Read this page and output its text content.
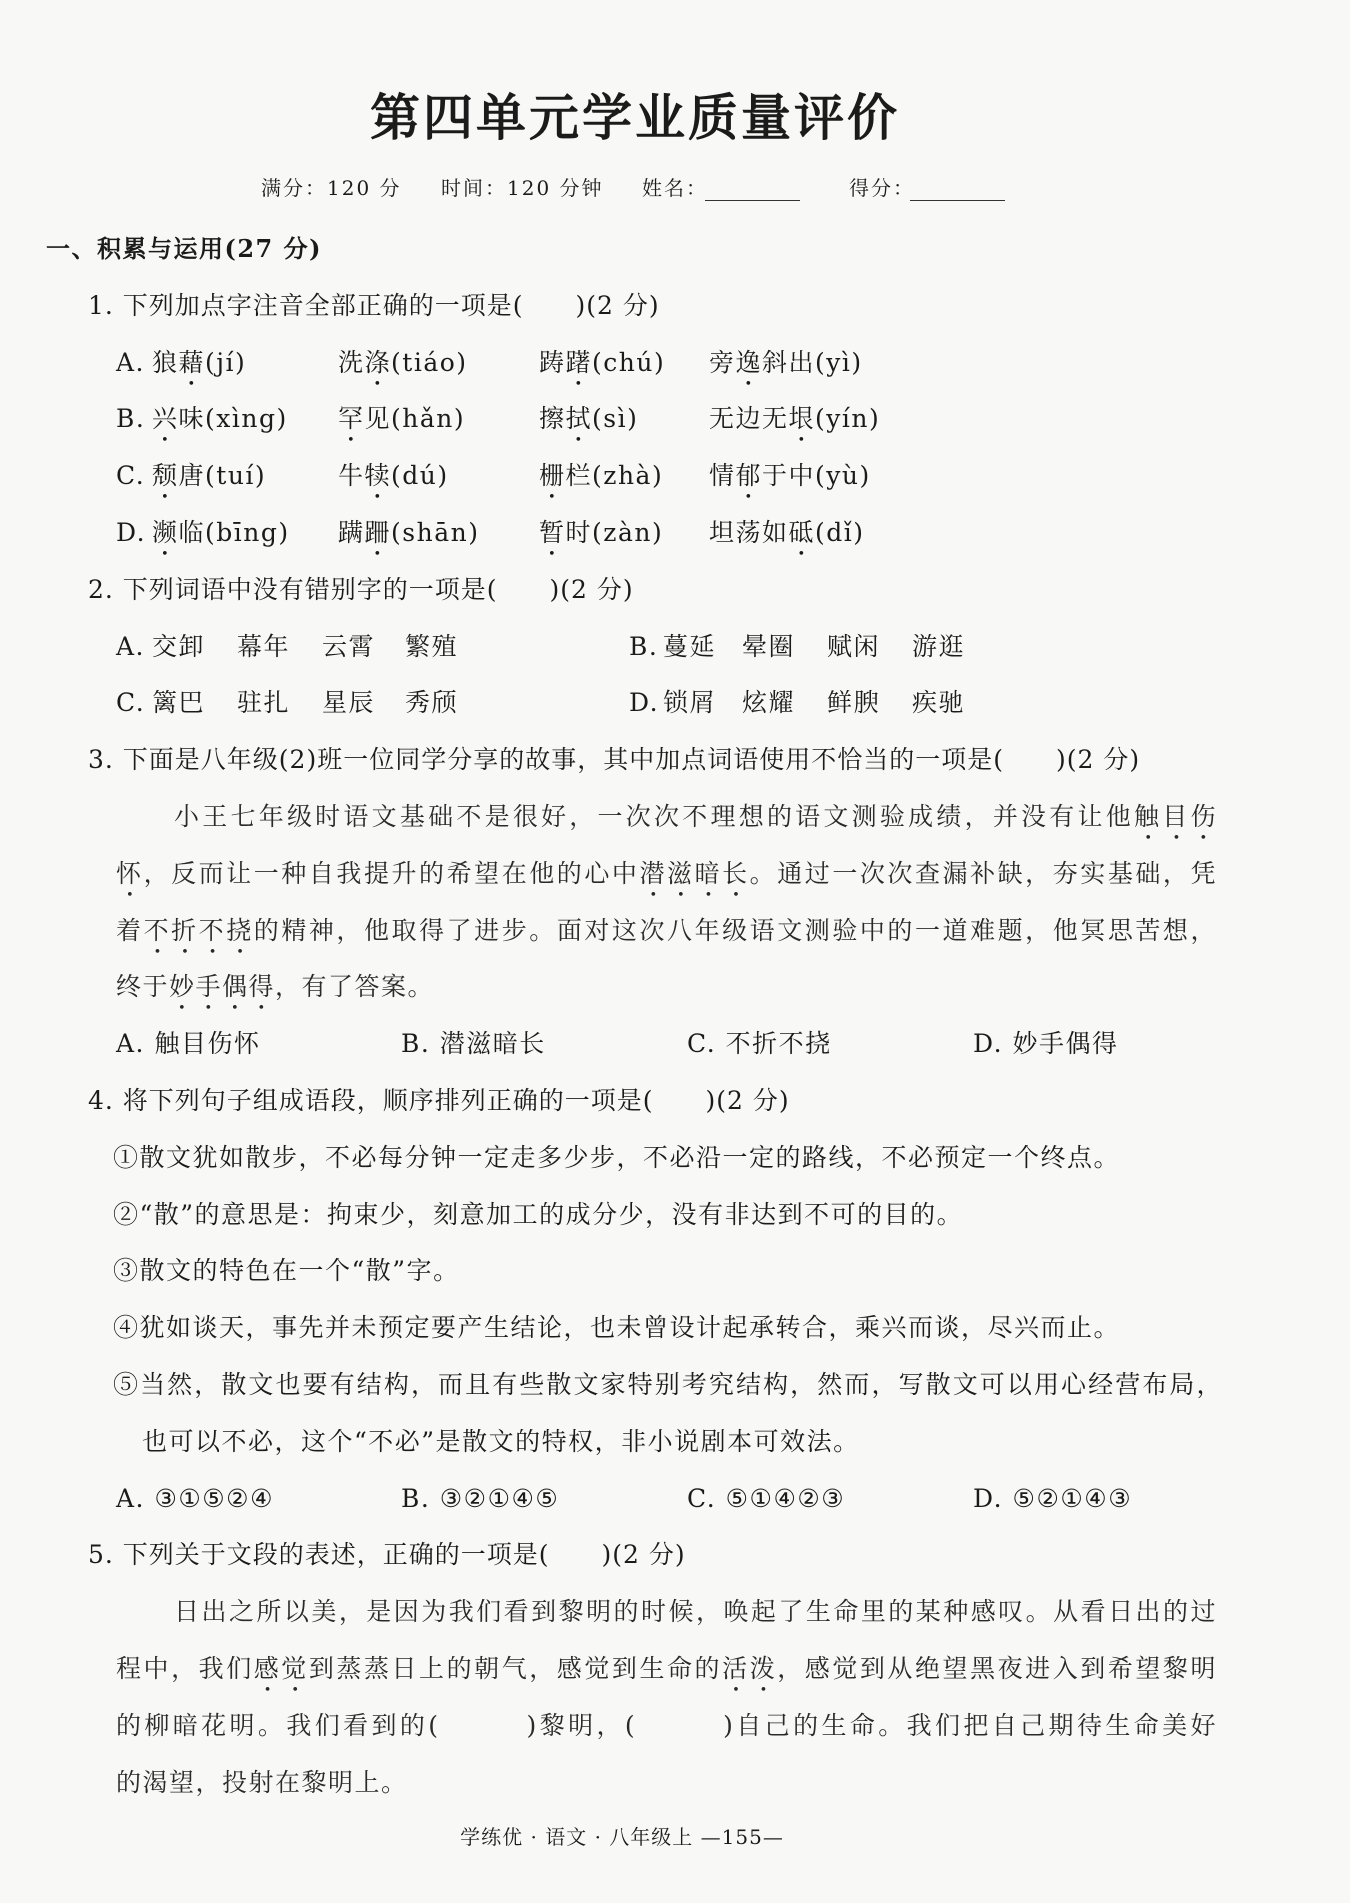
第四单元学业质量评价
满分：120 分 时间：120 分钟 姓名：	得分：
一、积累与运用(27 分)
1. 下列加点字注音全部正确的一项是(　　)(2 分)
A. 狼藉(jí)	洗涤(tiáo)	踌躇(chú) 旁逸斜出(yì)
B. 兴味(xìng) 罕见(hǎn)	擦拭(sì)	无边无垠(yín)
C. 颓唐(tuí)	牛犊(dú)	栅栏(zhà) 情郁于中(yù)
D. 濒临(bīng) 蹒跚(shān) 暂时(zàn) 坦荡如砥(dǐ)
2. 下列词语中没有错别字的一项是(　　)(2 分)
A. 交卸 幕年 云霄 繁殖	B. 蔓延 晕圈 赋闲 游逛
C. 篱巴 驻扎 星辰 秀颀	D. 锁屑 炫耀 鲜腴 疾驰
3. 下面是八年级(2)班一位同学分享的故事，其中加点词语使用不恰当的一项是(　　)(2 分)
小王七年级时语文基础不是很好，一次次不理想的语文测验成绩，并没有让他触目伤
怀，反而让一种自我提升的希望在他的心中潜滋暗长。通过一次次查漏补缺，夯实基础，凭
着不折不挠的精神，他取得了进步。面对这次八年级语文测验中的一道难题，他冥思苦想，
终于妙手偶得，有了答案。
A. 触目伤怀	B. 潜滋暗长	C. 不折不挠	D. 妙手偶得
4. 将下列句子组成语段，顺序排列正确的一项是(　　)(2 分)
①散文犹如散步，不必每分钟一定走多少步，不必沿一定的路线，不必预定一个终点。
②“散”的意思是：拘束少，刻意加工的成分少，没有非达到不可的目的。
③散文的特色在一个“散”字。
④犹如谈天，事先并未预定要产生结论，也未曾设计起承转合，乘兴而谈，尽兴而止。
⑤当然，散文也要有结构，而且有些散文家特别考究结构，然而，写散文可以用心经营布局，
也可以不必，这个“不必”是散文的特权，非小说剧本可效法。
A. ③①⑤②④	B. ③②①④⑤	C. ⑤①④②③	D. ⑤②①④③
5. 下列关于文段的表述，正确的一项是(　　)(2 分)
日出之所以美，是因为我们看到黎明的时候，唤起了生命里的某种感叹。从看日出的过
程中，我们感觉到蒸蒸日上的朝气，感觉到生命的活泼，感觉到从绝望黑夜进入到希望黎明
的柳暗花明。我们看到的(　　　)黎明，(　　　)自己的生命。我们把自己期待生命美好
的渴望，投射在黎明上。
学练优 · 语文 · 八年级上 —155—
